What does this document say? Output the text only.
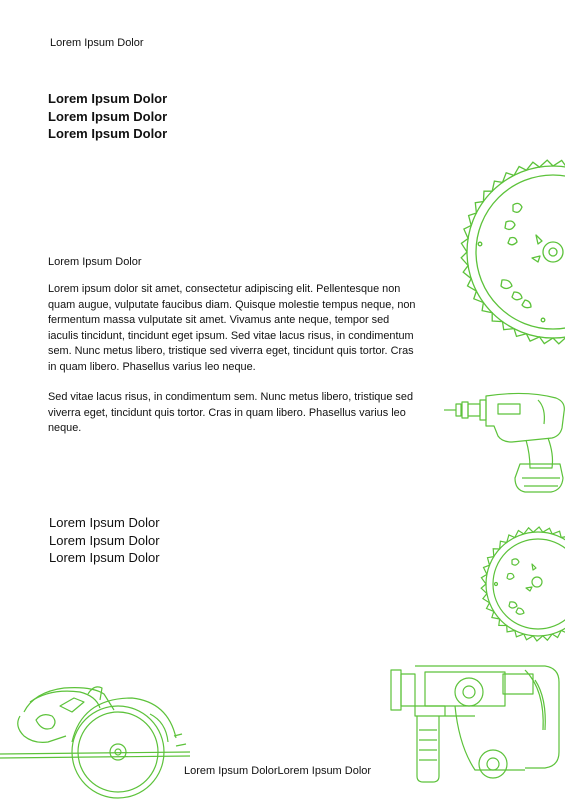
Lorem Ipsum Dolor
Lorem Ipsum Dolor
Lorem Ipsum Dolor
Lorem Ipsum Dolor
Lorem Ipsum Dolor

Lorem ipsum dolor sit amet, consectetur adipiscing elit. Pellentesque non quam augue, vulputate faucibus diam. Quisque molestie tempus neque, non fermentum massa vulputate sit amet. Vivamus ante neque, tempor sed iaculis tincidunt, tincidunt eget ipsum. Sed vitae lacus risus, in condimentum sem. Nunc metus libero, tristique sed viverra eget, tincidunt quis tortor. Cras in quam libero. Phasellus varius leo neque.

Sed vitae lacus risus, in condimentum sem. Nunc metus libero, tristique sed viverra eget, tincidunt quis tortor. Cras in quam libero. Phasellus varius leo neque.

Lorem Ipsum Dolor
Lorem Ipsum Dolor
Lorem Ipsum Dolor
Lorem Ipsum DolorLorem Ipsum Dolor
